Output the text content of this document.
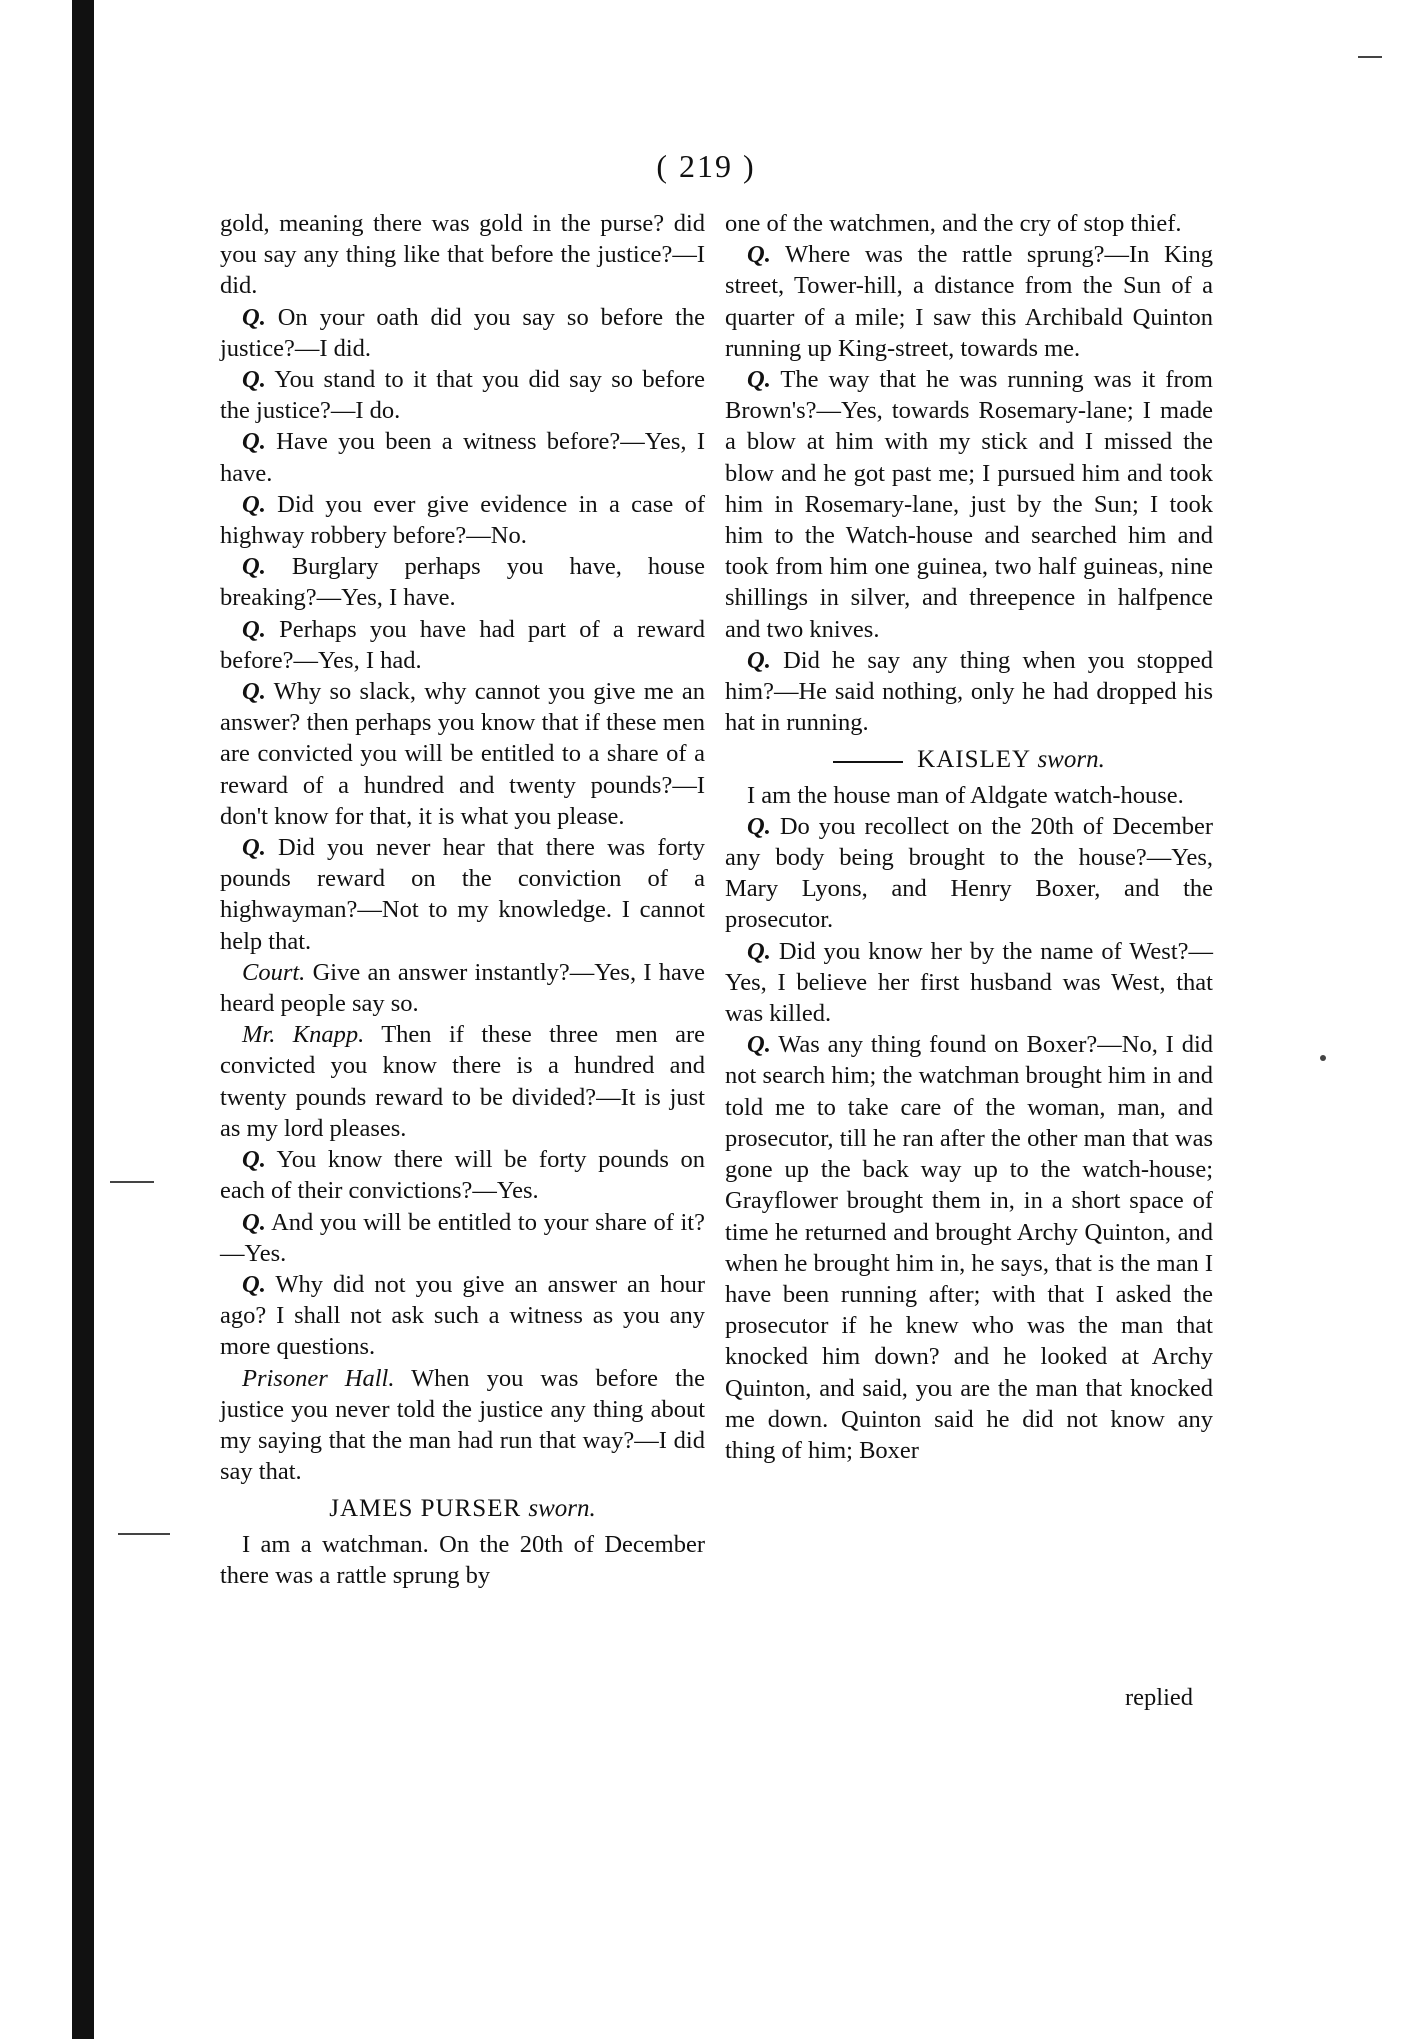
( 219 )

gold, meaning there was gold in the purse? did you say any thing like that before the justice?—I did.

Q. On your oath did you say so before the justice?—I did.

Q. You stand to it that you did say so before the justice?—I do.

Q. Have you been a witness before?—Yes, I have.

Q. Did you ever give evidence in a case of highway robbery before?—No.

Q. Burglary perhaps you have, house breaking?—Yes, I have.

Q. Perhaps you have had part of a reward before?—Yes, I had.

Q. Why so slack, why cannot you give me an answer? then perhaps you know that if these men are convicted you will be entitled to a share of a reward of a hundred and twenty pounds?—I don't know for that, it is what you please.

Q. Did you never hear that there was forty pounds reward on the conviction of a highwayman?—Not to my knowledge. I cannot help that.

Court. Give an answer instantly?—Yes, I have heard people say so.

Mr. Knapp. Then if these three men are convicted you know there is a hundred and twenty pounds reward to be divided?—It is just as my lord pleases.

Q. You know there will be forty pounds on each of their convictions?—Yes.

Q. And you will be entitled to your share of it?—Yes.

Q. Why did not you give an answer an hour ago? I shall not ask such a witness as you any more questions.

Prisoner Hall. When you was before the justice you never told the justice any thing about my saying that the man had run that way?—I did say that.

JAMES PURSER sworn.

I am a watchman. On the 20th of December there was a rattle sprung by

one of the watchmen, and the cry of stop thief.

Q. Where was the rattle sprung?—In King street, Tower-hill, a distance from the Sun of a quarter of a mile; I saw this Archibald Quinton running up King-street, towards me.

Q. The way that he was running was it from Brown's?—Yes, towards Rosemary-lane; I made a blow at him with my stick and I missed the blow and he got past me; I pursued him and took him in Rosemary-lane, just by the Sun; I took him to the Watch-house and searched him and took from him one guinea, two half guineas, nine shillings in silver, and threepence in halfpence and two knives.

Q. Did he say any thing when you stopped him?—He said nothing, only he had dropped his hat in running.

KAISLEY sworn.

I am the house man of Aldgate watch-house.

Q. Do you recollect on the 20th of December any body being brought to the house?—Yes, Mary Lyons, and Henry Boxer, and the prosecutor.

Q. Did you know her by the name of West?—Yes, I believe her first husband was West, that was killed.

Q. Was any thing found on Boxer?—No, I did not search him; the watchman brought him in and told me to take care of the woman, man, and prosecutor, till he ran after the other man that was gone up the back way up to the watch-house; Grayflower brought them in, in a short space of time he returned and brought Archy Quinton, and when he brought him in, he says, that is the man I have been running after; with that I asked the prosecutor if he knew who was the man that knocked him down? and he looked at Archy Quinton, and said, you are the man that knocked me down. Quinton said he did not know any thing of him; Boxer

replied
